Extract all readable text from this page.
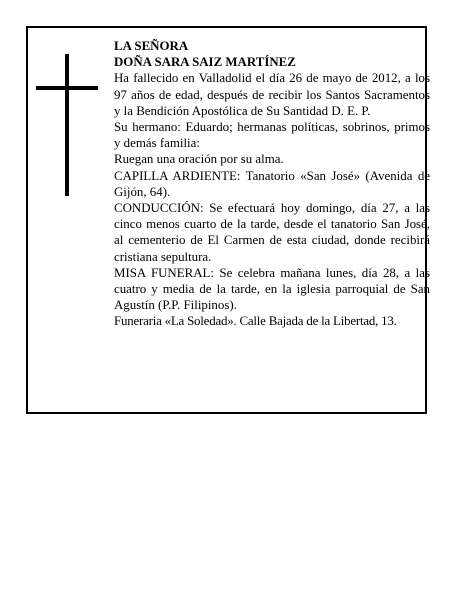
LA SEÑORA

DOÑA SARA SAIZ MARTÍNEZ

Ha fallecido en Valladolid el día 26 de mayo de 2012, a los 97 años de edad, después de recibir los Santos Sacramentos y la Bendición Apostólica de Su Santidad D. E. P.

Su hermano: Eduardo; hermanas políticas, sobrinos, primos y demás familia:

Ruegan una oración por su alma.

CAPILLA ARDIENTE: Tanatorio «San José» (Avenida de Gijón, 64).

CONDUCCIÓN: Se efectuará hoy domingo, día 27, a las cinco menos cuarto de la tarde, desde el tanatorio San José, al cementerio de El Carmen de esta ciudad, donde recibirá cristiana sepultura.

MISA FUNERAL: Se celebra mañana lunes, día 28, a las cuatro y media de la tarde, en la iglesia parroquial de San Agustín (P.P. Filipinos).

Funeraria «La Soledad». Calle Bajada de la Libertad, 13.
